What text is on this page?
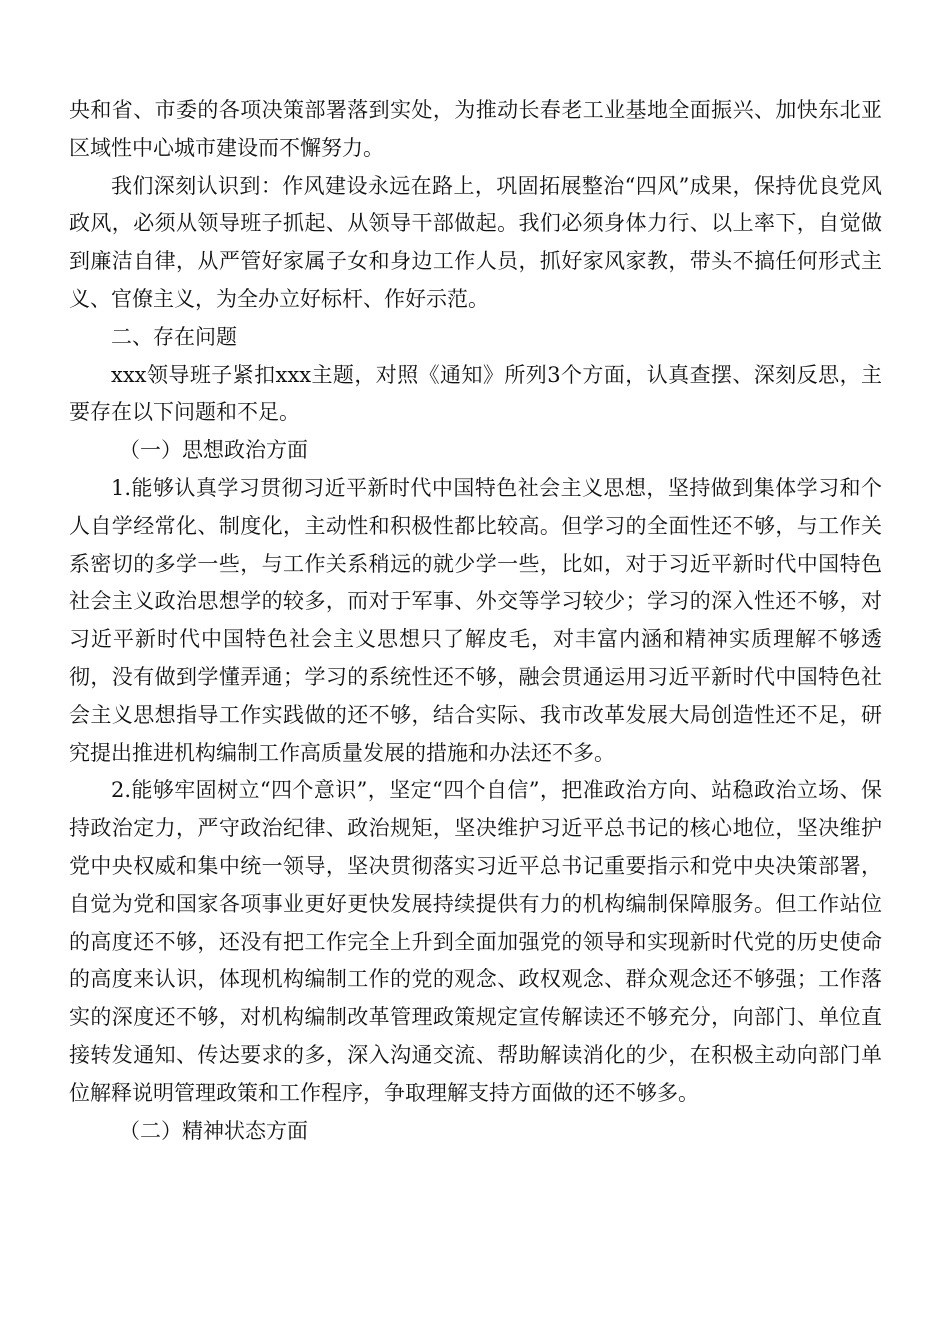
央和省、市委的各项决策部署落到实处，为推动长春老工业基地全面振兴、加快东北亚区域性中心城市建设而不懈努力。

我们深刻认识到：作风建设永远在路上，巩固拓展整治“四风”成果，保持优良党风政风，必须从领导班子抓起、从领导干部做起。我们必须身体力行、以上率下，自觉做到廉洁自律，从严管好家属子女和身边工作人员，抓好家风家教，带头不搞任何形式主义、官僚主义，为全办立好标杆、作好示范。

二、存在问题

xxx领导班子紧扣xxx主题，对照《通知》所列3个方面，认真查摆、深刻反思，主要存在以下问题和不足。

（一）思想政治方面

1.能够认真学习贯彻习近平新时代中国特色社会主义思想，坚持做到集体学习和个人自学经常化、制度化，主动性和积极性都比较高。但学习的全面性还不够，与工作关系密切的多学一些，与工作关系稍远的就少学一些，比如，对于习近平新时代中国特色社会主义政治思想学的较多，而对于军事、外交等学习较少；学习的深入性还不够，对习近平新时代中国特色社会主义思想只了解皮毛，对丰富内涵和精神实质理解不够透彻，没有做到学懂弄通；学习的系统性还不够，融会贯通运用习近平新时代中国特色社会主义思想指导工作实践做的还不够，结合实际、我市改革发展大局创造性还不足，研究提出推进机构编制工作高质量发展的措施和办法还不多。

2.能够牢固树立“四个意识”，坚定“四个自信”，把准政治方向、站稳政治立场、保持政治定力，严守政治纪律、政治规矩，坚决维护习近平总书记的核心地位，坚决维护党中央权威和集中统一领导，坚决贯彻落实习近平总书记重要指示和党中央决策部署，自觉为党和国家各项事业更好更快发展持续提供有力的机构编制保障服务。但工作站位的高度还不够，还没有把工作完全上升到全面加强党的领导和实现新时代党的历史使命的高度来认识，体现机构编制工作的党的观念、政权观念、群众观念还不够强；工作落实的深度还不够，对机构编制改革管理政策规定宣传解读还不够充分，向部门、单位直接转发通知、传达要求的多，深入沟通交流、帮助解读消化的少，在积极主动向部门单位解释说明管理政策和工作程序，争取理解支持方面做的还不够多。

（二）精神状态方面
